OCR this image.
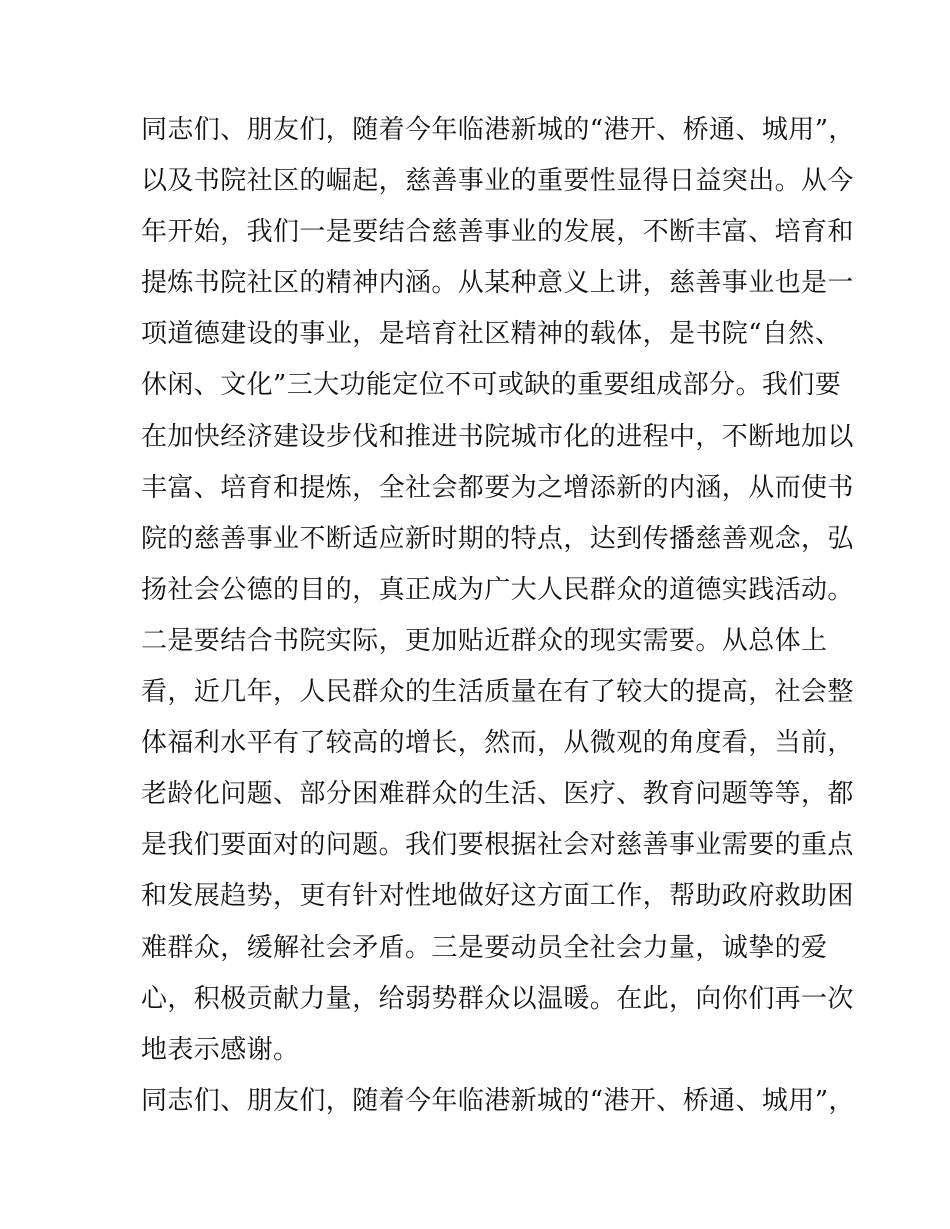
同志们、朋友们，随着今年临港新城的“港开、桥通、城用”，
以及书院社区的崛起，慈善事业的重要性显得日益突出。从今
年开始，我们一是要结合慈善事业的发展，不断丰富、培育和
提炼书院社区的精神内涵。从某种意义上讲，慈善事业也是一
项道德建设的事业，是培育社区精神的载体，是书院“自然、
休闲、文化”三大功能定位不可或缺的重要组成部分。我们要
在加快经济建设步伐和推进书院城市化的进程中，不断地加以
丰富、培育和提炼，全社会都要为之增添新的内涵，从而使书
院的慈善事业不断适应新时期的特点，达到传播慈善观念，弘
扬社会公德的目的，真正成为广大人民群众的道德实践活动。
二是要结合书院实际，更加贴近群众的现实需要。从总体上
看，近几年，人民群众的生活质量在有了较大的提高，社会整
体福利水平有了较高的增长，然而，从微观的角度看，当前，
老龄化问题、部分困难群众的生活、医疗、教育问题等等，都
是我们要面对的问题。我们要根据社会对慈善事业需要的重点
和发展趋势，更有针对性地做好这方面工作，帮助政府救助困
难群众，缓解社会矛盾。三是要动员全社会力量，诚挚的爱
心，积极贡献力量，给弱势群众以温暖。在此，向你们再一次
地表示感谢。
同志们、朋友们，随着今年临港新城的“港开、桥通、城用”，
